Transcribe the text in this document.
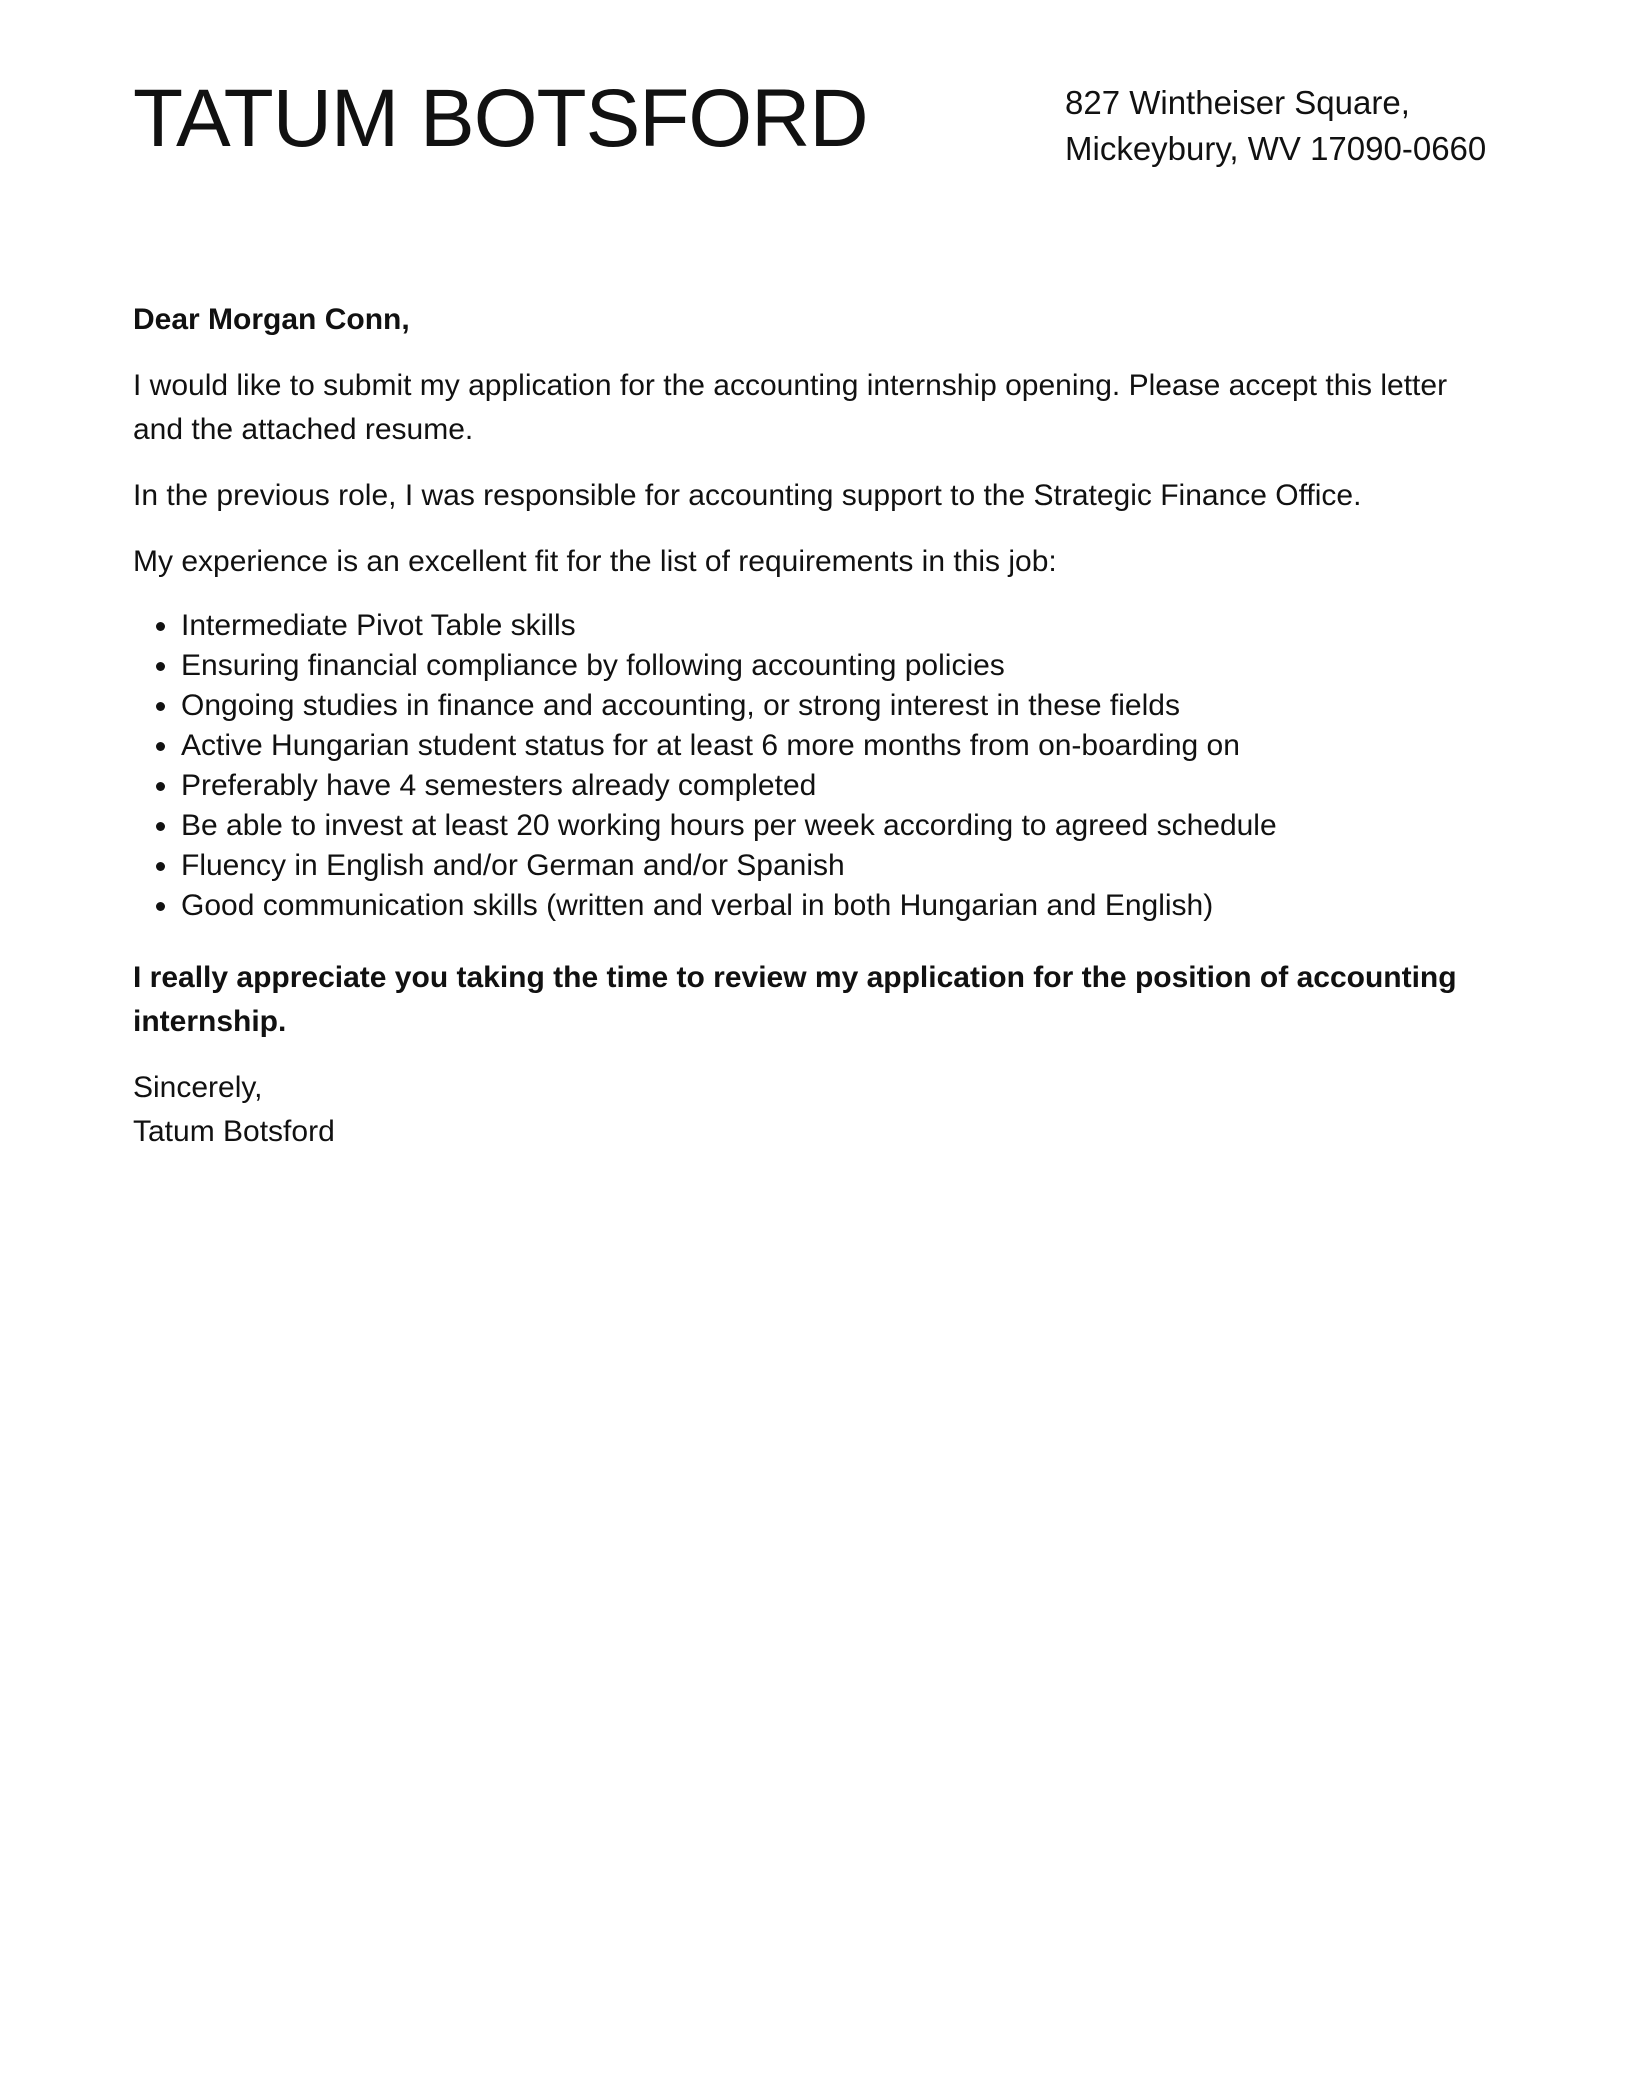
TATUM BOTSFORD	827 Wintheiser Square,
Mickeybury, WV 17090-0660

Dear Morgan Conn,

I would like to submit my application for the accounting internship opening. Please accept this letter and the attached resume.

In the previous role, I was responsible for accounting support to the Strategic Finance Office.

My experience is an excellent fit for the list of requirements in this job:

Intermediate Pivot Table skills
Ensuring financial compliance by following accounting policies
Ongoing studies in finance and accounting, or strong interest in these fields
Active Hungarian student status for at least 6 more months from on-boarding on
Preferably have 4 semesters already completed
Be able to invest at least 20 working hours per week according to agreed schedule
Fluency in English and/or German and/or Spanish
Good communication skills (written and verbal in both Hungarian and English)

I really appreciate you taking the time to review my application for the position of accounting internship.

Sincerely,
Tatum Botsford
